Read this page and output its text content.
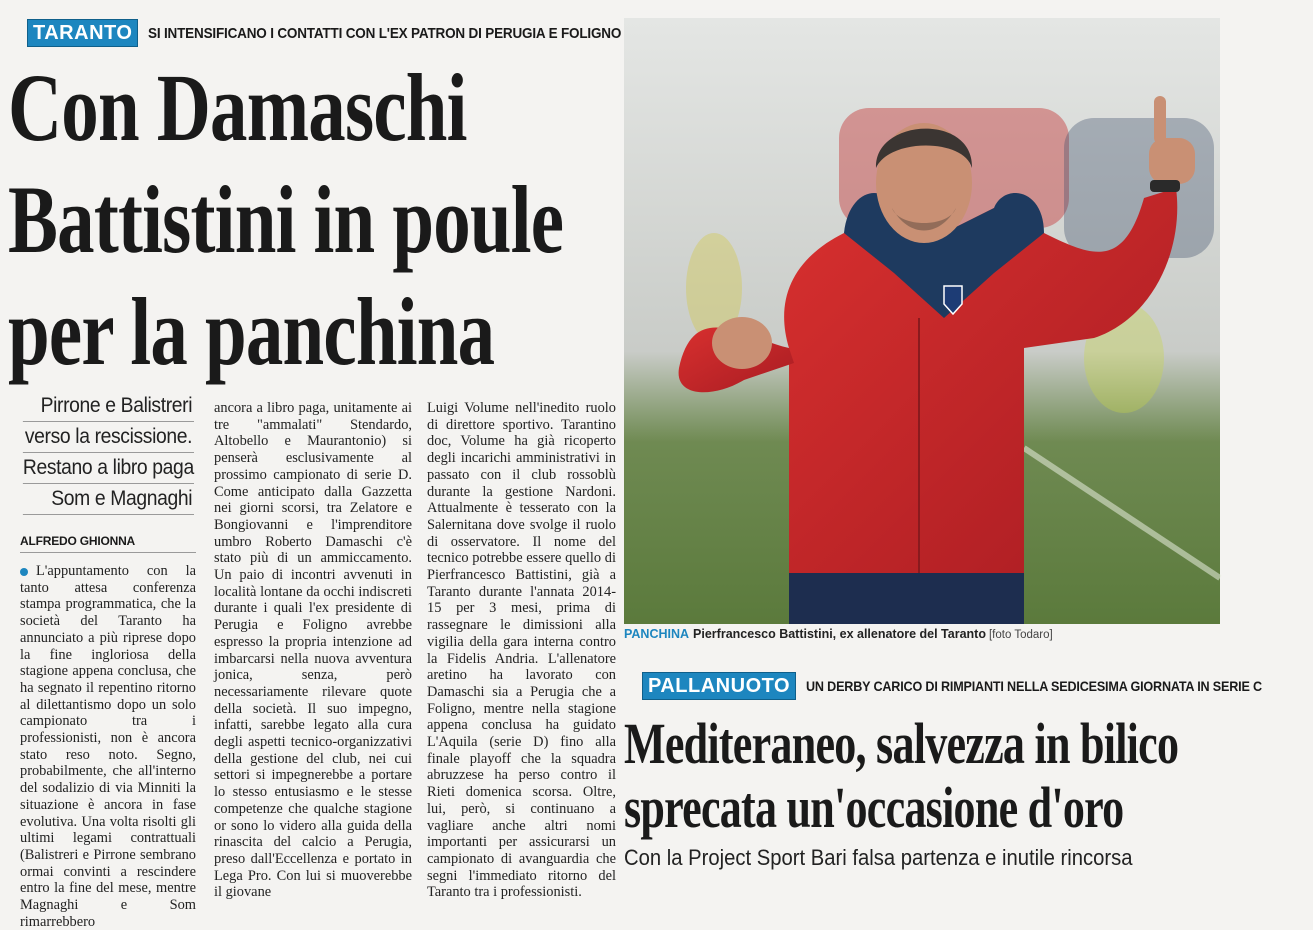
TARANTO	SI INTENSIFICANO I CONTATTI CON L'EX PATRON DI PERUGIA E FOLIGNO
Con Damaschi
Battistini in poule
per la panchina
Pirrone e Balistreri
verso la rescissione.
Restano a libro paga
Som e Magnaghi
ALFREDO GHIONNA
L'appuntamento con la tanto attesa conferenza stampa programmatica, che la società del Taranto ha annunciato a più riprese dopo la fine ingloriosa della stagione appena conclusa, che ha segnato il repentino ritorno al dilettantismo dopo un solo campionato tra i professionisti, non è ancora stato reso noto. Segno, probabilmente, che all'interno del sodalizio di via Minniti la situazione è ancora in fase evolutiva. Una volta risolti gli ultimi legami contrattuali (Balistreri e Pirrone sembrano ormai convinti a rescindere entro la fine del mese, mentre Magnaghi e Som rimarrebbero
ancora a libro paga, unitamente ai tre "ammalati" Stendardo, Altobello e Maurantonio) si penserà esclusivamente al prossimo campionato di serie D. Come anticipato dalla Gazzetta nei giorni scorsi, tra Zelatore e Bongiovanni e l'imprenditore umbro Roberto Damaschi c'è stato più di un ammiccamento. Un paio di incontri avvenuti in località lontane da occhi indiscreti durante i quali l'ex presidente di Perugia e Foligno avrebbe espresso la propria intenzione ad imbarcarsi nella nuova avventura jonica, senza, però necessariamente rilevare quote della società. Il suo impegno, infatti, sarebbe legato alla cura degli aspetti tecnico-organizzativi della gestione del club, nei cui settori si impegnerebbe a portare lo stesso entusiasmo e le stesse competenze che qualche stagione or sono lo videro alla guida della rinascita del calcio a Perugia, preso dall'Eccellenza e portato in Lega Pro. Con lui si muoverebbe il giovane
Luigi Volume nell'inedito ruolo di direttore sportivo. Tarantino doc, Volume ha già ricoperto degli incarichi amministrativi in passato con il club rossoblù durante la gestione Nardoni. Attualmente è tesserato con la Salernitana dove svolge il ruolo di osservatore. Il nome del tecnico potrebbe essere quello di Pierfrancesco Battistini, già a Taranto durante l'annata 2014-15 per 3 mesi, prima di rassegnare le dimissioni alla vigilia della gara interna contro la Fidelis Andria. L'allenatore aretino ha lavorato con Damaschi sia a Perugia che a Foligno, mentre nella stagione appena conclusa ha guidato L'Aquila (serie D) fino alla finale playoff che la squadra abruzzese ha perso contro il Rieti domenica scorsa. Oltre, lui, però, si continuano a vagliare anche altri nomi importanti per assicurarsi un campionato di avanguardia che segni l'immediato ritorno del Taranto tra i professionisti.
PANCHINA Pierfrancesco Battistini, ex allenatore del Taranto [foto Todaro]
PALLANUOTO	UN DERBY CARICO DI RIMPIANTI NELLA SEDICESIMA GIORNATA IN SERIE C
Mediteraneo, salvezza in bilico
sprecata un'occasione d'oro
Con la Project Sport Bari falsa partenza e inutile rincorsa
